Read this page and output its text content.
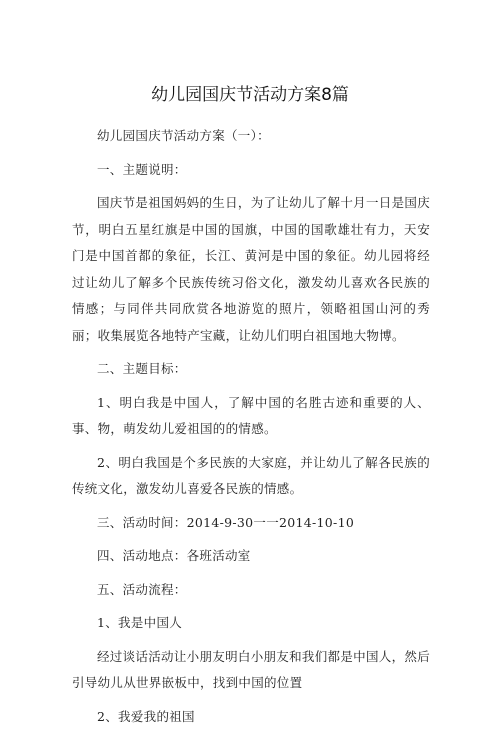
幼儿园国庆节活动方案8篇

幼儿园国庆节活动方案（一）：

一、主题说明：

国庆节是祖国妈妈的生日，为了让幼儿了解十月一日是国庆节，明白五星红旗是中国的国旗，中国的国歌雄壮有力，天安门是中国首都的象征，长江、黄河是中国的象征。幼儿园将经过让幼儿了解多个民族传统习俗文化，激发幼儿喜欢各民族的情感；与同伴共同欣赏各地游览的照片，领略祖国山河的秀丽；收集展览各地特产宝藏，让幼儿们明白祖国地大物博。

二、主题目标：

1、明白我是中国人，了解中国的名胜古迹和重要的人、事、物，萌发幼儿爱祖国的的情感。

2、明白我国是个多民族的大家庭，并让幼儿了解各民族的传统文化，激发幼儿喜爱各民族的情感。

三、活动时间：2014-9-30一一2014-10-10

四、活动地点：各班活动室

五、活动流程：

1、我是中国人

经过谈话活动让小朋友明白小朋友和我们都是中国人，然后引导幼儿从世界嵌板中，找到中国的位置

2、我爱我的祖国
